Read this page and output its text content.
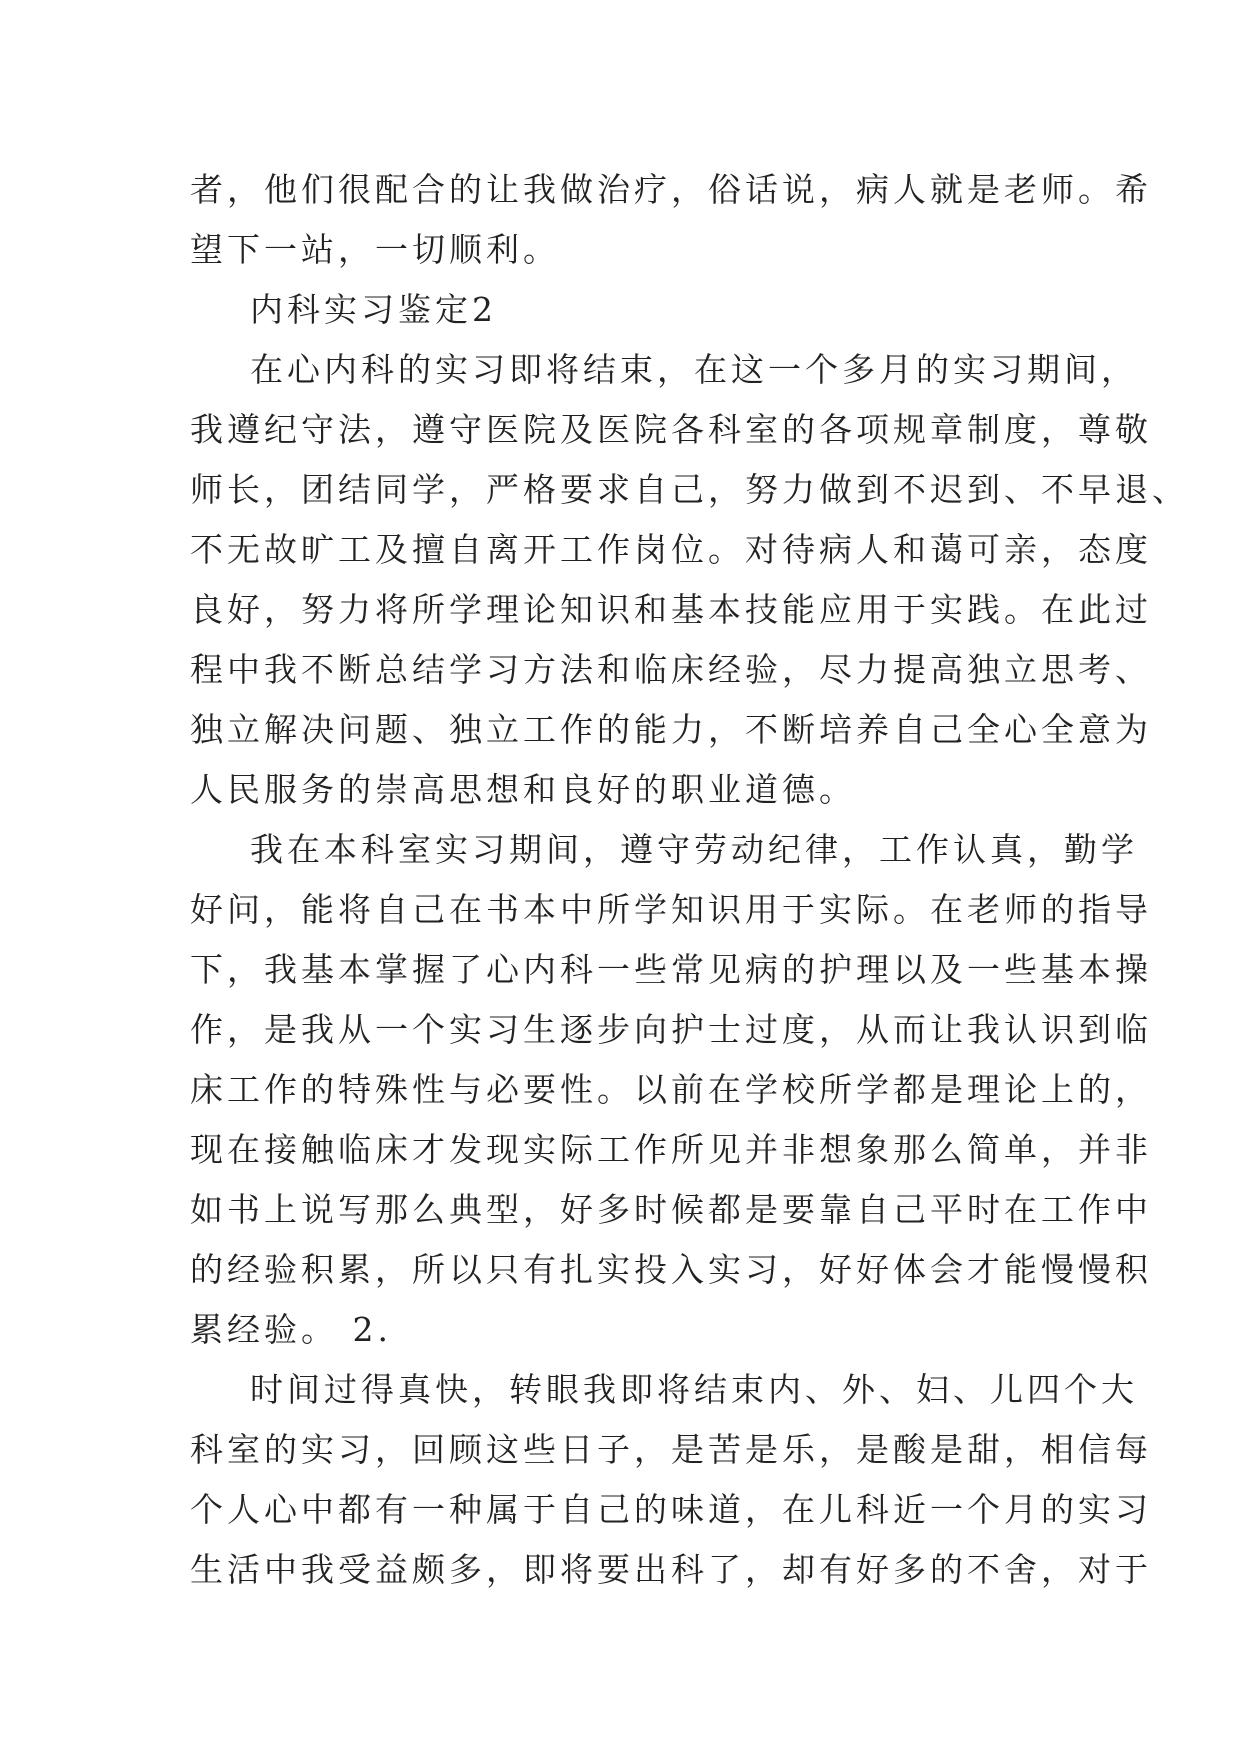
者，他们很配合的让我做治疗，俗话说，病人就是老师。希
望下一站，一切顺利。
内科实习鉴定2
在心内科的实习即将结束，在这一个多月的实习期间，
我遵纪守法，遵守医院及医院各科室的各项规章制度，尊敬
师长，团结同学，严格要求自己，努力做到不迟到、不早退、
不无故旷工及擅自离开工作岗位。对待病人和蔼可亲，态度
良好，努力将所学理论知识和基本技能应用于实践。在此过
程中我不断总结学习方法和临床经验，尽力提高独立思考、
独立解决问题、独立工作的能力，不断培养自己全心全意为
人民服务的崇高思想和良好的职业道德。
我在本科室实习期间，遵守劳动纪律，工作认真，勤学
好问，能将自己在书本中所学知识用于实际。在老师的指导
下，我基本掌握了心内科一些常见病的护理以及一些基本操
作，是我从一个实习生逐步向护士过度，从而让我认识到临
床工作的特殊性与必要性。以前在学校所学都是理论上的，
现在接触临床才发现实际工作所见并非想象那么简单，并非
如书上说写那么典型，好多时候都是要靠自己平时在工作中
的经验积累，所以只有扎实投入实习，好好体会才能慢慢积
累经验。 2.
时间过得真快，转眼我即将结束内、外、妇、儿四个大
科室的实习，回顾这些日子，是苦是乐，是酸是甜，相信每
个人心中都有一种属于自己的味道，在儿科近一个月的实习
生活中我受益颇多，即将要出科了，却有好多的不舍，对于
